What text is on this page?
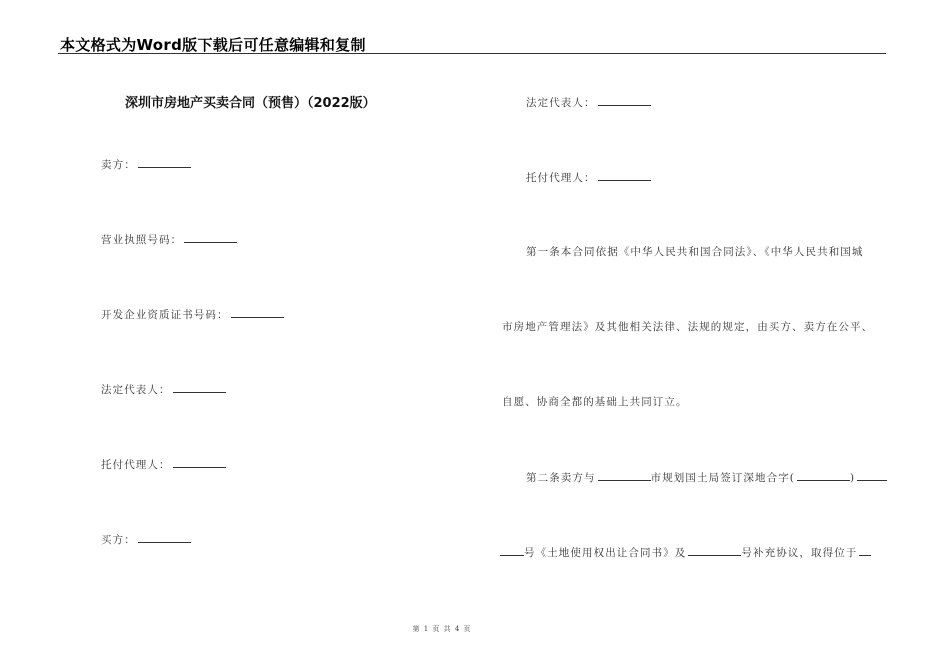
本文格式为Word版下载后可任意编辑和复制
深圳市房地产买卖合同（预售）（2022版）
卖方：
营业执照号码：
开发企业资质证书号码：
法定代表人：
托付代理人：
买方：
法定代表人：
托付代理人：
第一条本合同依据《中华人民共和国合同法》、《中华人民共和国城
市房地产管理法》及其他相关法律、法规的规定，由买方、卖方在公平、
自愿、协商全都的基础上共同订立。
第二条卖方与	市规划国土局签订深地合字(	)
号《土地使用权出让合同书》及	号补充协议，取得位于
第 1 页 共 4 页
